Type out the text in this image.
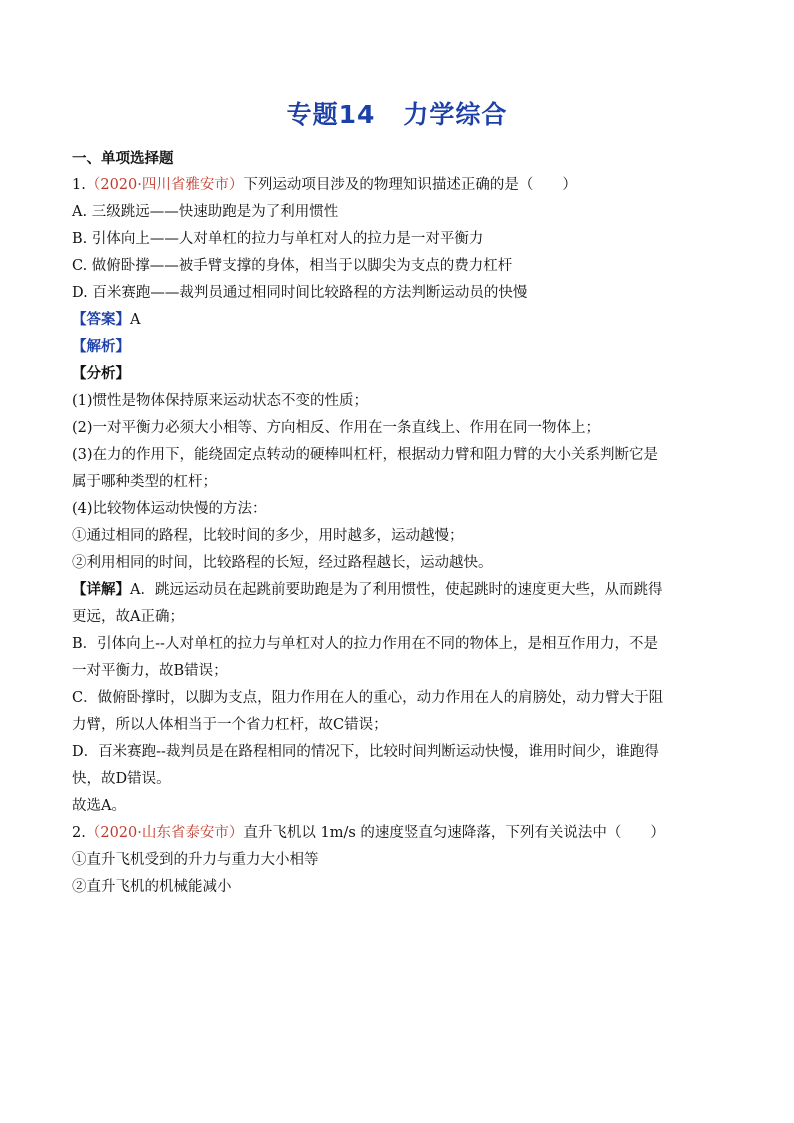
专题14 力学综合
一、单项选择题
1.（2020·四川省雅安市）下列运动项目涉及的物理知识描述正确的是（　　）
A. 三级跳远——快速助跑是为了利用惯性
B. 引体向上——人对单杠的拉力与单杠对人的拉力是一对平衡力
C. 做俯卧撑——被手臂支撑的身体，相当于以脚尖为支点的费力杠杆
D. 百米赛跑——裁判员通过相同时间比较路程的方法判断运动员的快慢
【答案】A
【解析】
【分析】
(1)惯性是物体保持原来运动状态不变的性质；
(2)一对平衡力必须大小相等、方向相反、作用在一条直线上、作用在同一物体上；
(3)在力的作用下，能绕固定点转动的硬棒叫杠杆，根据动力臂和阻力臂的大小关系判断它是
属于哪种类型的杠杆；
(4)比较物体运动快慢的方法：
①通过相同的路程，比较时间的多少，用时越多，运动越慢；
②利用相同的时间，比较路程的长短，经过路程越长，运动越快。
【详解】A．跳远运动员在起跳前要助跑是为了利用惯性，使起跳时的速度更大些，从而跳得
更远，故A正确；
B．引体向上--人对单杠的拉力与单杠对人的拉力作用在不同的物体上，是相互作用力，不是
一对平衡力，故B错误；
C．做俯卧撑时，以脚为支点，阻力作用在人的重心，动力作用在人的肩膀处，动力臂大于阻
力臂，所以人体相当于一个省力杠杆，故C错误；
D．百米赛跑--裁判员是在路程相同的情况下，比较时间判断运动快慢，谁用时间少，谁跑得
快，故D错误。
故选A。
2.（2020·山东省泰安市）直升飞机以 1m/s 的速度竖直匀速降落，下列有关说法中（　　）
①直升飞机受到的升力与重力大小相等
②直升飞机的机械能减小
